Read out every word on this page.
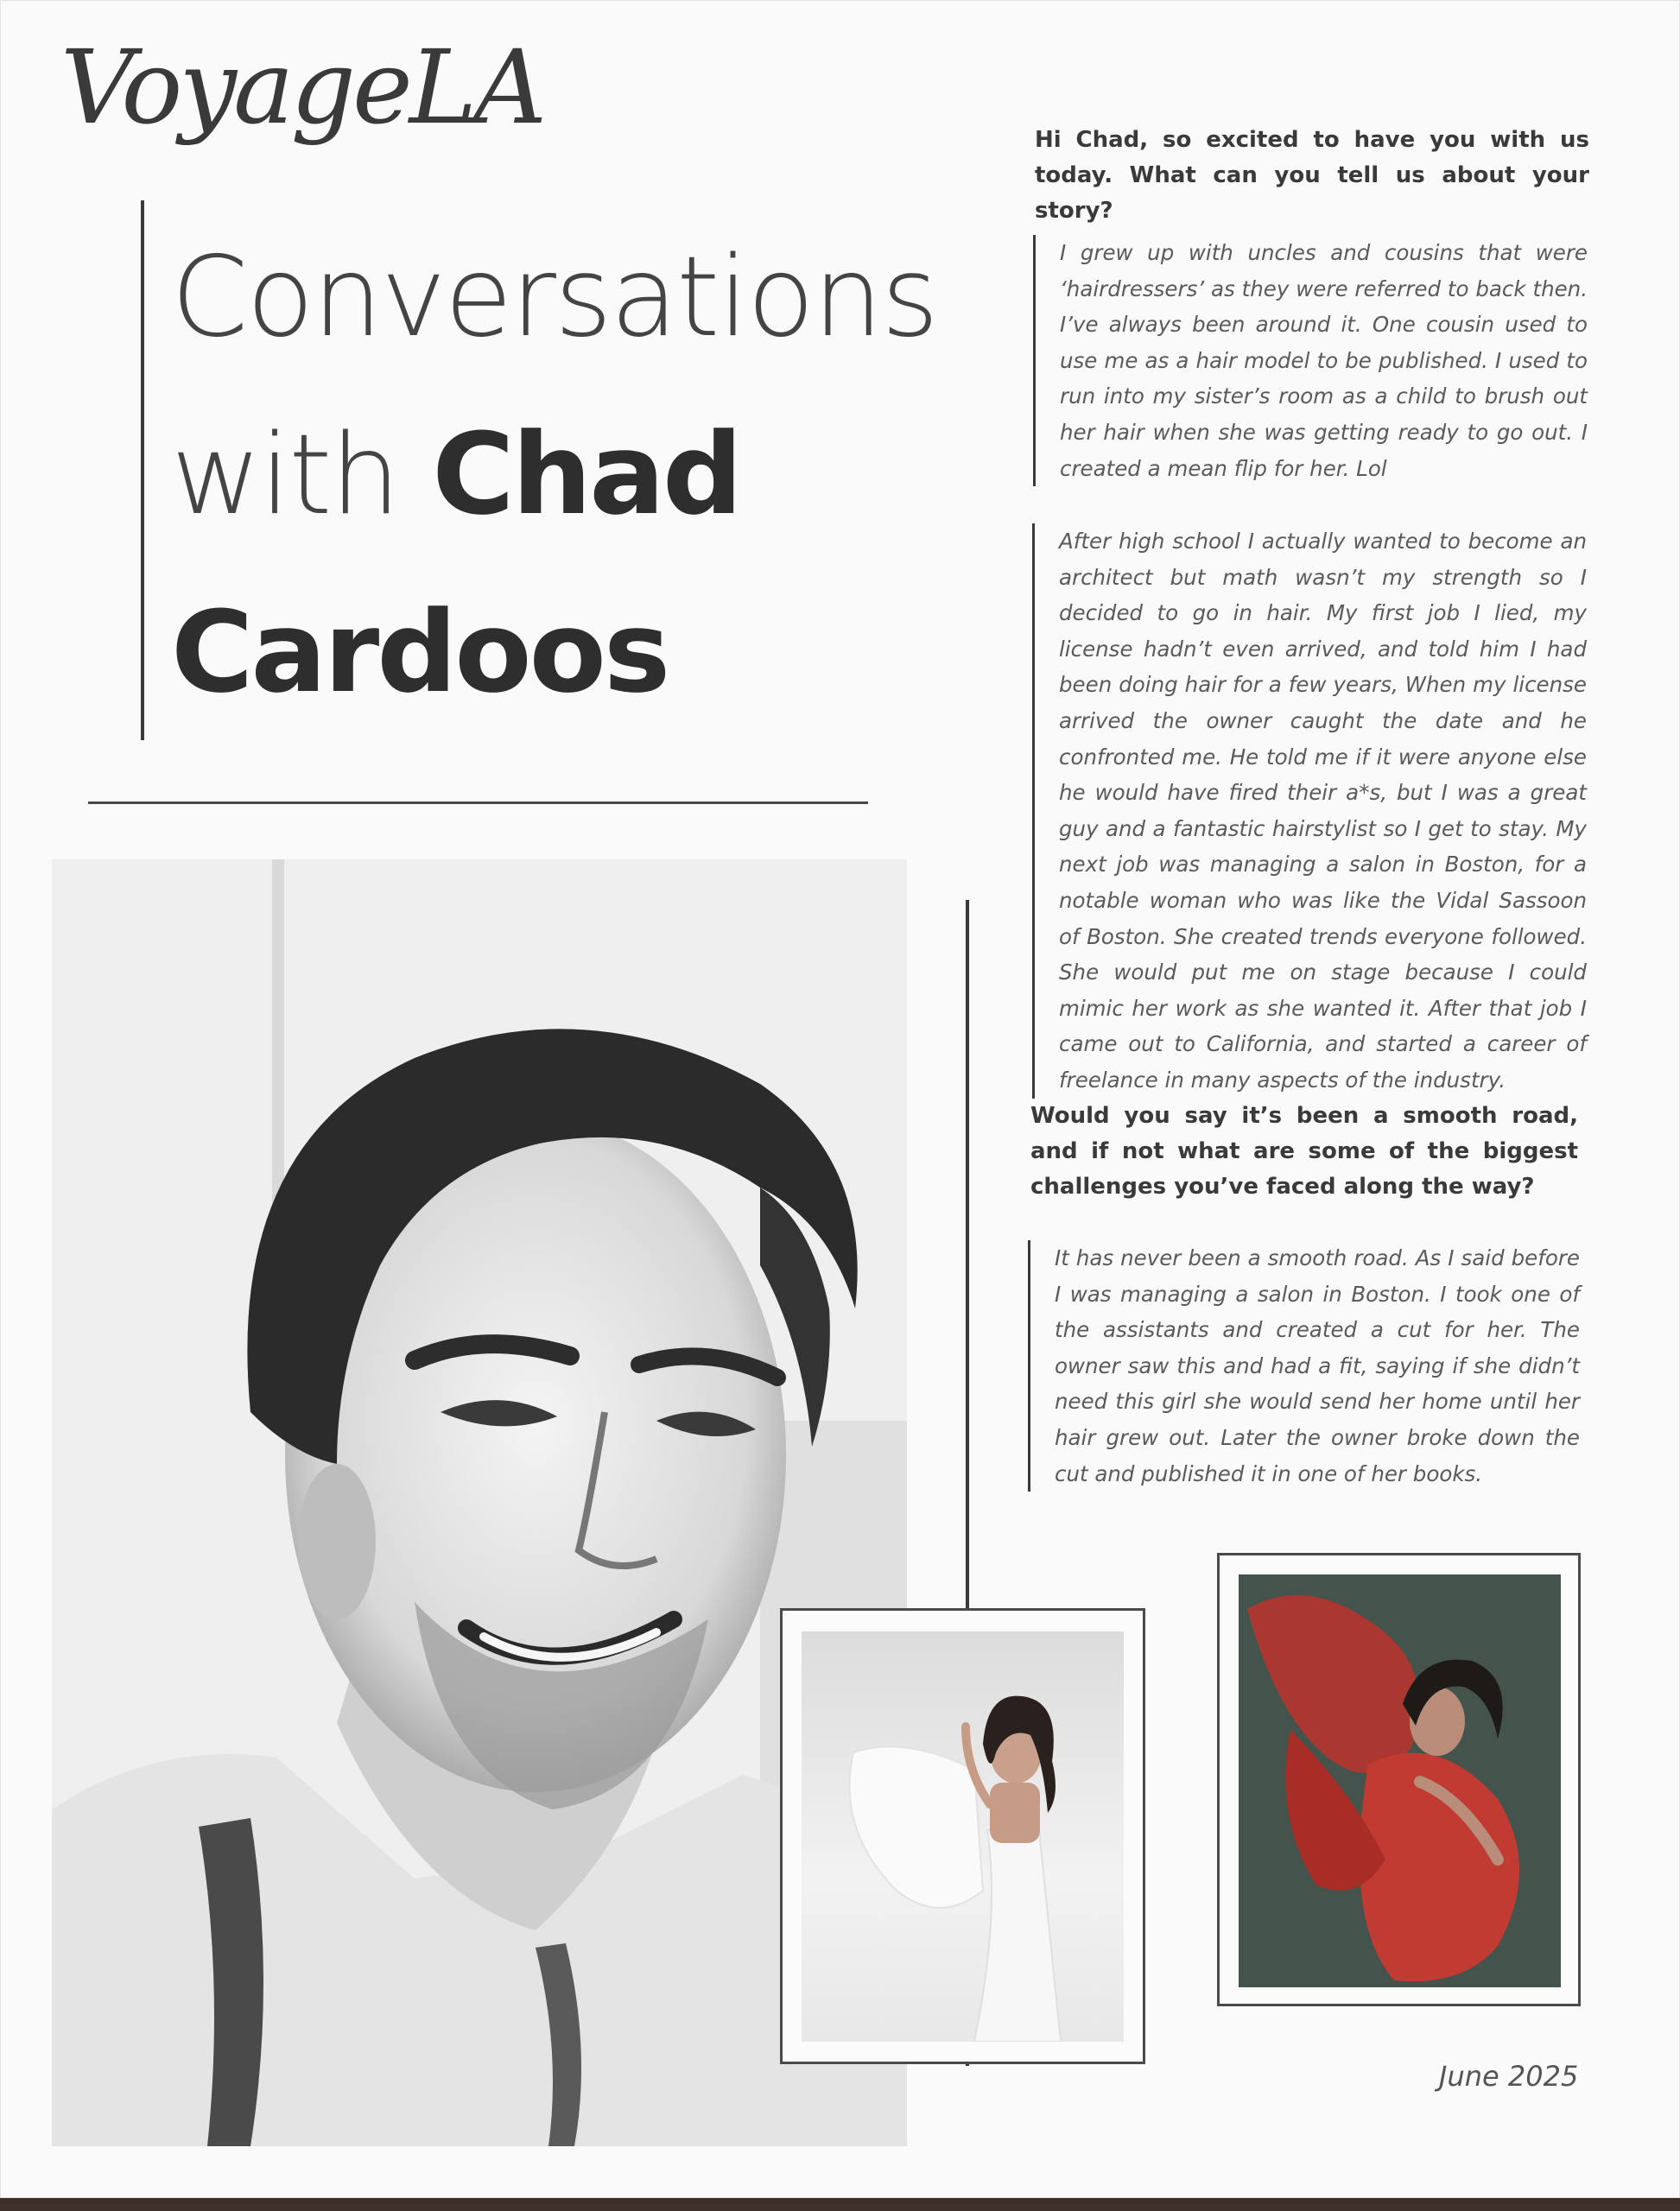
VoyageLA
Conversations
with Chad
Cardoos

Hi Chad, so excited to have you with us today. What can you tell us about your story?

I grew up with uncles and cousins that were ‘hairdressers’ as they were referred to back then. I’ve always been around it. One cousin used to use me as a hair model to be published. I used to run into my sister’s room as a child to brush out her hair when she was getting ready to go out. I created a mean flip for her. Lol

After high school I actually wanted to become an architect but math wasn’t my strength so I decided to go in hair. My first job I lied, my license hadn’t even arrived, and told him I had been doing hair for a few years, When my license arrived the owner caught the date and he confronted me. He told me if it were anyone else he would have fired their a*s, but I was a great guy and a fantastic hairstylist so I get to stay. My next job was managing a salon in Boston, for a notable woman who was like the Vidal Sassoon of Boston. She created trends everyone followed. She would put me on stage because I could mimic her work as she wanted it. After that job I came out to California, and started a career of freelance in many aspects of the industry.

Would you say it’s been a smooth road, and if not what are some of the biggest challenges you’ve faced along the way?

It has never been a smooth road. As I said before I was managing a salon in Boston. I took one of the assistants and created a cut for her. The owner saw this and had a fit, saying if she didn’t need this girl she would send her home until her hair grew out. Later the owner broke down the cut and published it in one of her books.

June 2025
